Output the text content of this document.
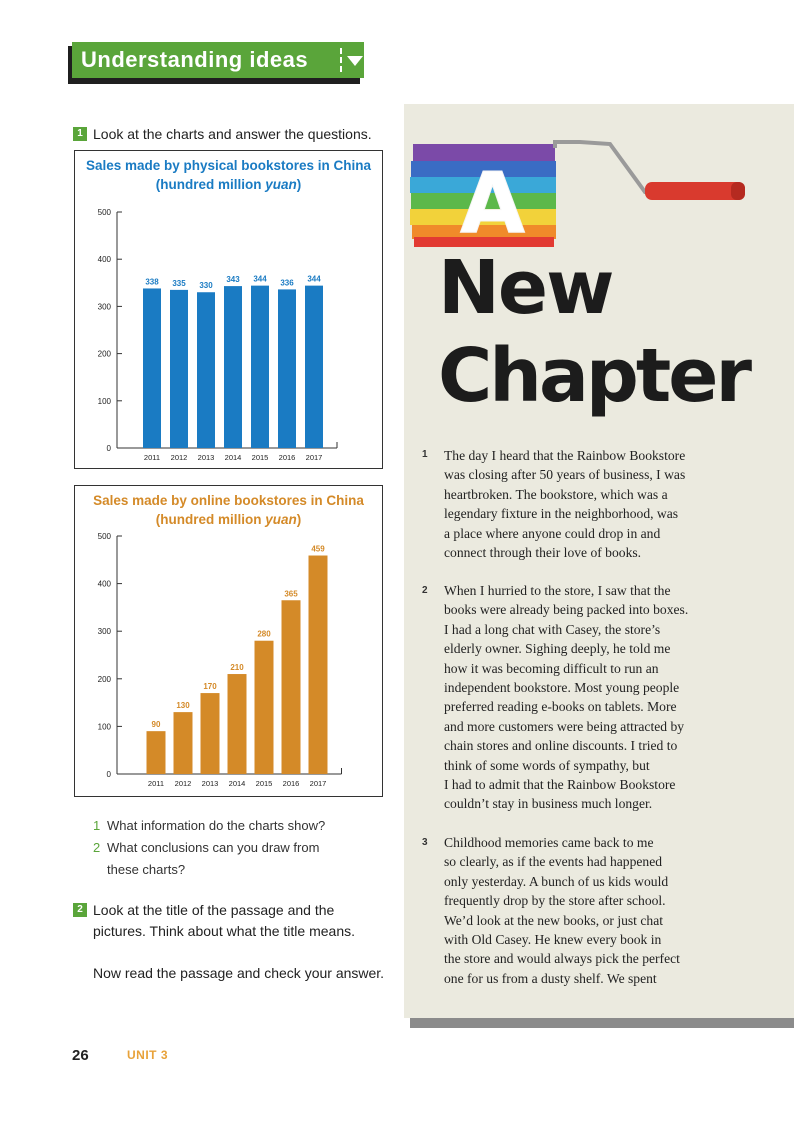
Understanding ideas
1 Look at the charts and answer the questions.
Sales made by physical bookstores in China
(hundred million yuan)
0
100
200
300
400
500
338
2011
335
2012
330
2013
343
2014
344
2015
336
2016
344
2017
Sales made by online bookstores in China
(hundred million yuan)
0
100
200
300
400
500
90
2011
130
2012
170
2013
210
2014
280
2015
365
2016
459
2017
1 What information do the charts show?
2 What conclusions can you draw from
these charts?
2 Look at the title of the passage and the
pictures. Think about what the title means.
Now read the passage and check your answer.
26	UNIT 3
A
New
Chapter
1 The day I heard that the Rainbow Bookstore
was closing after 50 years of business, I was
heartbroken. The bookstore, which was a
legendary fixture in the neighborhood, was
a place where anyone could drop in and
connect through their love of books.
2 When I hurried to the store, I saw that the
books were already being packed into boxes.
I had a long chat with Casey, the store’s
elderly owner. Sighing deeply, he told me
how it was becoming difficult to run an
independent bookstore. Most young people
preferred reading e-books on tablets. More
and more customers were being attracted by
chain stores and online discounts. I tried to
think of some words of sympathy, but
I had to admit that the Rainbow Bookstore
couldn’t stay in business much longer.
3 Childhood memories came back to me
so clearly, as if the events had happened
only yesterday. A bunch of us kids would
frequently drop by the store after school.
We’d look at the new books, or just chat
with Old Casey. He knew every book in
the store and would always pick the perfect
one for us from a dusty shelf. We spent
